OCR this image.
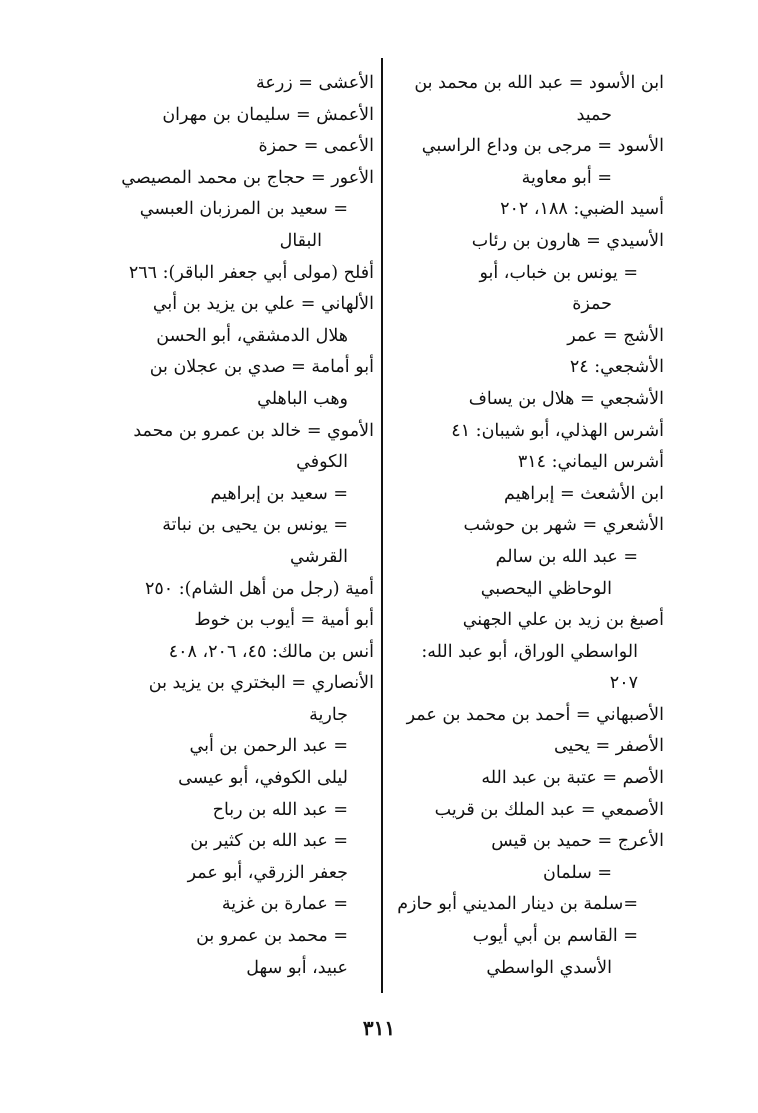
ابن الأسود = عبد الله بن محمد بن
حميد
الأسود = مرجى بن وداع الراسبي
= أبو معاوية
أسيد الضبي: ١٨٨، ٢٠٢
الأسيدي = هارون بن رئاب
= يونس بن خباب، أبو
حمزة
الأشج = عمر
الأشجعي: ٢٤
الأشجعي = هلال بن يساف
أشرس الهذلي، أبو شيبان: ٤١
أشرس اليماني: ٣١٤
ابن الأشعث = إبراهيم
الأشعري = شهر بن حوشب
= عبد الله بن سالم
الوحاظي اليحصبي
أصبغ بن زيد بن علي الجهني
الواسطي الوراق، أبو عبد الله:
٢٠٧
الأصبهاني = أحمد بن محمد بن عمر
الأصفر = يحيى
الأصم = عتبة بن عبد الله
الأصمعي = عبد الملك بن قريب
الأعرج = حميد بن قيس
= سلمان
=سلمة بن دينار المديني أبو حازم
= القاسم بن أبي أيوب
الأسدي الواسطي
الأعشى = زرعة
الأعمش = سليمان بن مهران
الأعمى = حمزة
الأعور = حجاج بن محمد المصيصي
= سعيد بن المرزبان العبسي
البقال
أفلح (مولى أبي جعفر الباقر): ٢٦٦
الألهاني = علي بن يزيد بن أبي
هلال الدمشقي، أبو الحسن
أبو أمامة = صدي بن عجلان بن
وهب الباهلي
الأموي = خالد بن عمرو بن محمد
الكوفي
= سعيد بن إبراهيم
= يونس بن يحيى بن نباتة
القرشي
أمية (رجل من أهل الشام): ٢٥٠
أبو أمية = أيوب بن خوط
أنس بن مالك: ٤٥، ٢٠٦، ٤٠٨
الأنصاري = البختري بن يزيد بن
جارية
= عبد الرحمن بن أبي
ليلى الكوفي، أبو عيسى
= عبد الله بن رباح
= عبد الله بن كثير بن
جعفر الزرقي، أبو عمر
= عمارة بن غزية
= محمد بن عمرو بن
عبيد، أبو سهل
٣١١
